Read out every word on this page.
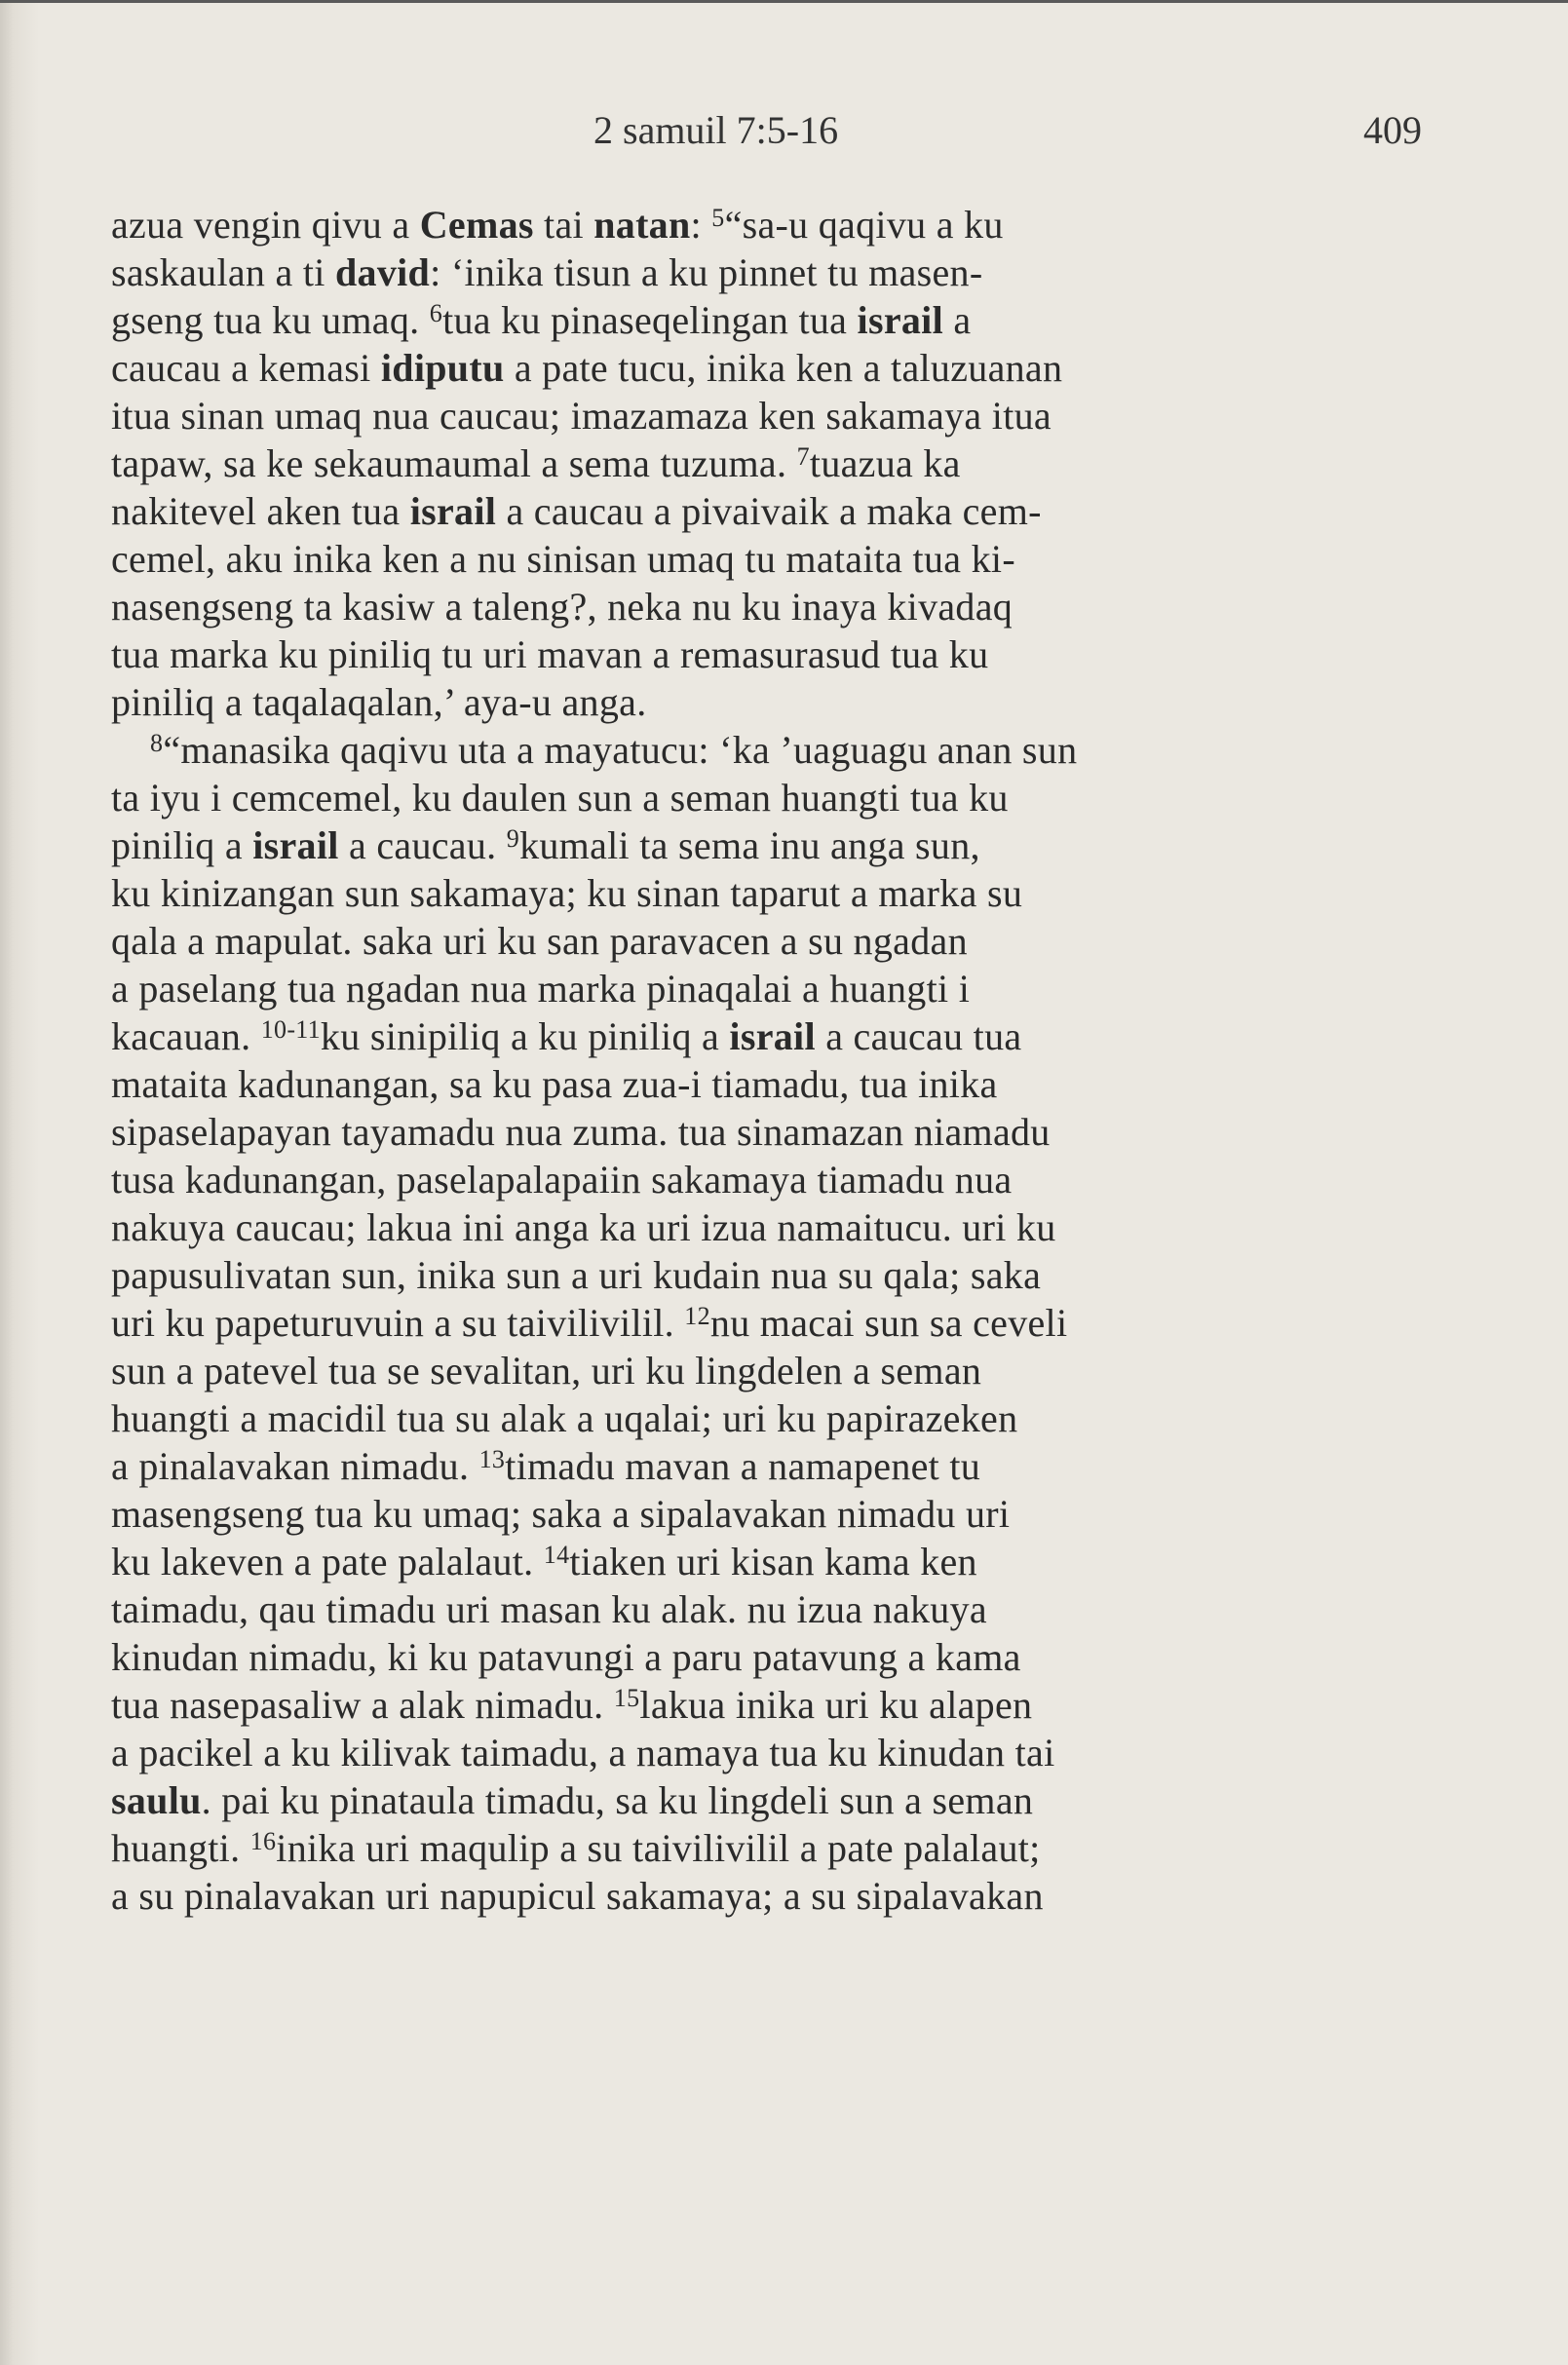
2 samuil 7:5-16	409
azua vengin qivu a Cemas tai natan: $^5$“sa-u qaqivu a ku
saskaulan a ti david: ‘inika tisun a ku pinnet tu masen-
gseng tua ku umaq. $^6$tua ku pinaseqelingan tua israil a
caucau a kemasi idiputu a pate tucu, inika ken a taluzuanan
itua sinan umaq nua caucau; imazamaza ken sakamaya itua
tapaw, sa ke sekaumaumal a sema tuzuma. $^7$tuazua ka
nakitevel aken tua israil a caucau a pivaivaik a maka cem-
cemel, aku inika ken a nu sinisan umaq tu mataita tua ki-
nasengseng ta kasiw a taleng?, neka nu ku inaya kivadaq
tua marka ku piniliq tu uri mavan a remasurasud tua ku
piniliq a taqalaqalan,’ aya-u anga.
$^8$“manasika qaqivu uta a mayatucu: ‘ka ’uaguagu anan sun
ta iyu i cemcemel, ku daulen sun a seman huangti tua ku
piniliq a israil a caucau. $^9$kumali ta sema inu anga sun,
ku kinizangan sun sakamaya; ku sinan taparut a marka su
qala a mapulat. saka uri ku san paravacen a su ngadan
a paselang tua ngadan nua marka pinaqalai a huangti i
kacauan. $^{10-11}$ku sinipiliq a ku piniliq a israil a caucau tua
mataita kadunangan, sa ku pasa zua-i tiamadu, tua inika
sipaselapayan tayamadu nua zuma. tua sinamazan niamadu
tusa kadunangan, paselapalapaiin sakamaya tiamadu nua
nakuya caucau; lakua ini anga ka uri izua namaitucu. uri ku
papusulivatan sun, inika sun a uri kudain nua su qala; saka
uri ku papeturuvuin a su taivilivilil. $^{12}$nu macai sun sa ceveli
sun a patevel tua se sevalitan, uri ku lingdelen a seman
huangti a macidil tua su alak a uqalai; uri ku papirazeken
a pinalavakan nimadu. $^{13}$timadu mavan a namapenet tu
masengseng tua ku umaq; saka a sipalavakan nimadu uri
ku lakeven a pate palalaut. $^{14}$tiaken uri kisan kama ken
taimadu, qau timadu uri masan ku alak. nu izua nakuya
kinudan nimadu, ki ku patavungi a paru patavung a kama
tua nasepasaliw a alak nimadu. $^{15}$lakua inika uri ku alapen
a pacikel a ku kilivak taimadu, a namaya tua ku kinudan tai
saulu. pai ku pinataula timadu, sa ku lingdeli sun a seman
huangti. $^{16}$inika uri maqulip a su taivilivilil a pate palalaut;
a su pinalavakan uri napupicul sakamaya; a su sipalavakan
